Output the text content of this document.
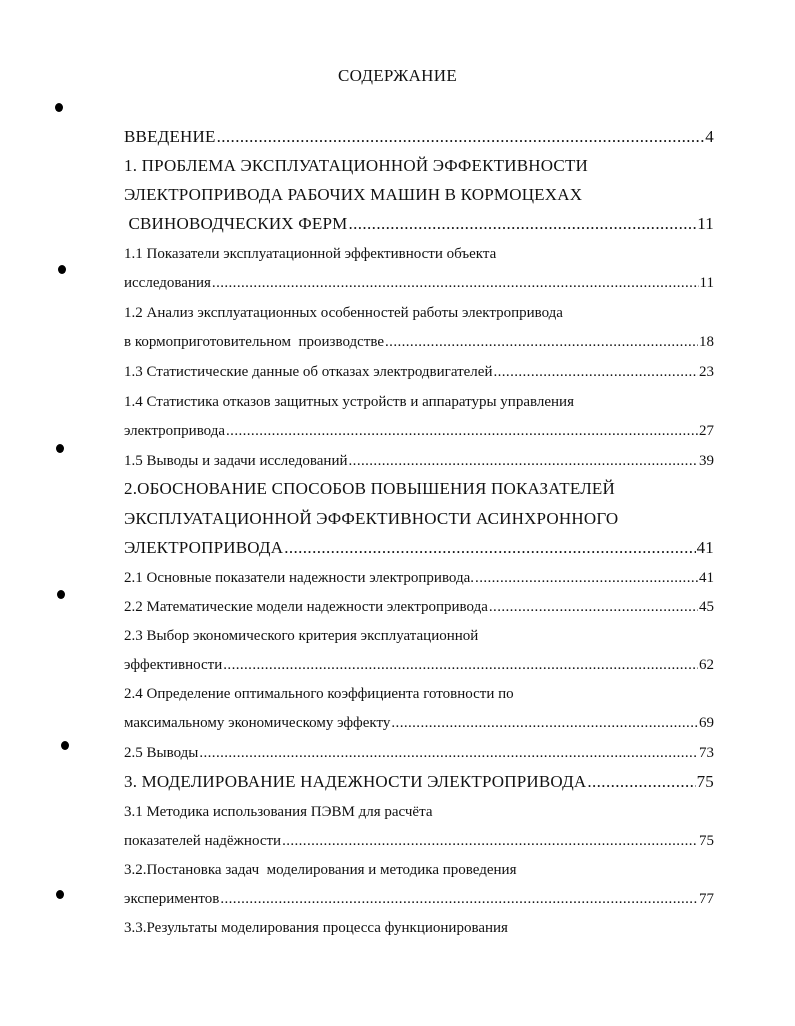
СОДЕРЖАНИЕ
ВВЕДЕНИЕ .....	4
1. ПРОБЛЕМА ЭКСПЛУАТАЦИОННОЙ ЭФФЕКТИВНОСТИ
ЭЛЕКТРОПРИВОДА РАБОЧИХ МАШИН В КОРМОЦЕХАХ
СВИНОВОДЧЕСКИХ ФЕРМ .....	11
1.1 Показатели эксплуатационной эффективности объекта
исследования .....	11
1.2 Анализ эксплуатационных особенностей работы электропривода
в кормоприготовительном  производстве .....	18
1.3 Статистические данные об отказах электродвигателей .....	23
1.4 Статистика отказов защитных устройств и аппаратуры управления
электропривода .....	27
1.5 Выводы и задачи исследований .....	39
2.ОБОСНОВАНИЕ СПОСОБОВ ПОВЫШЕНИЯ ПОКАЗАТЕЛЕЙ
ЭКСПЛУАТАЦИОННОЙ ЭФФЕКТИВНОСТИ АСИНХРОННОГО
ЭЛЕКТРОПРИВОДА .....	41
2.1 Основные показатели надежности электропривода. .....	41
2.2 Математические модели надежности электропривода .....	45
2.3 Выбор экономического критерия эксплуатационной
эффективности .....	62
2.4 Определение оптимального коэффициента готовности по
максимальному экономическому эффекту .....	69
2.5 Выводы .....	73
3. МОДЕЛИРОВАНИЕ НАДЕЖНОСТИ ЭЛЕКТРОПРИВОДА .....	75
3.1 Методика использования ПЭВМ для расчёта
показателей надёжности .....	75
3.2.Постановка задач  моделирования и методика проведения
экспериментов .....	77
3.3.Результаты моделирования процесса функционирования
